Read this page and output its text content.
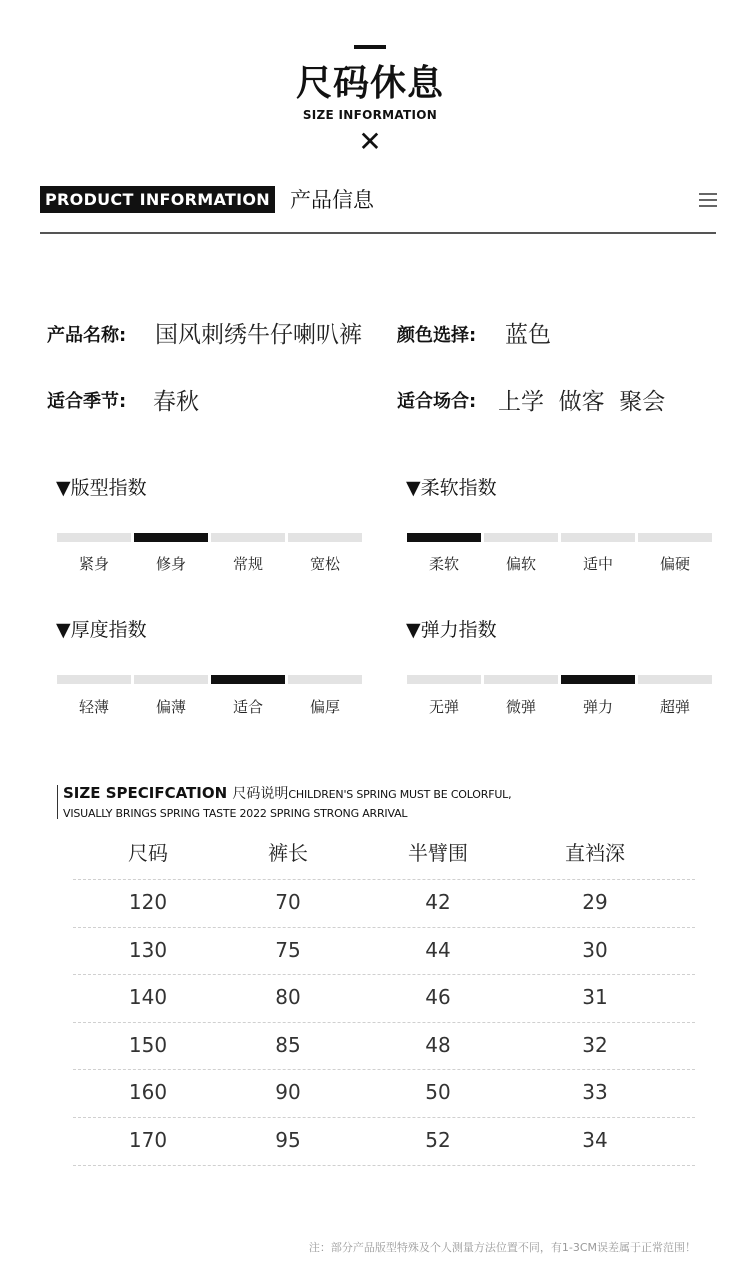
尺码休息
SIZE INFORMATION
✕
PRODUCT INFORMATION 产品信息
产品名称: 国风刺绣牛仔喇叭裤 颜色选择: 蓝色
适合季节: 春秋	适合场合: 上学  做客  聚会
▼版型指数
紧身	修身	常规	宽松
▼柔软指数
柔软	偏软	适中	偏硬
▼厚度指数
轻薄	偏薄	适合	偏厚
▼弹力指数
无弹	微弹	弹力	超弹
SIZE SPECIFCATION 尺码说明CHILDREN'S SPRING MUST BE COLORFUL,
VISUALLY BRINGS SPRING TASTE 2022 SPRING STRONG ARRIVAL
尺码	裤长	半臂围	直裆深
120	70	42	29
130	75	44	30
140	80	46	31
150	85	48	32
160	90	50	33
170	95	52	34
注：部分产品版型特殊及个人测量方法位置不同，有1-3CM误差属于正常范围！
